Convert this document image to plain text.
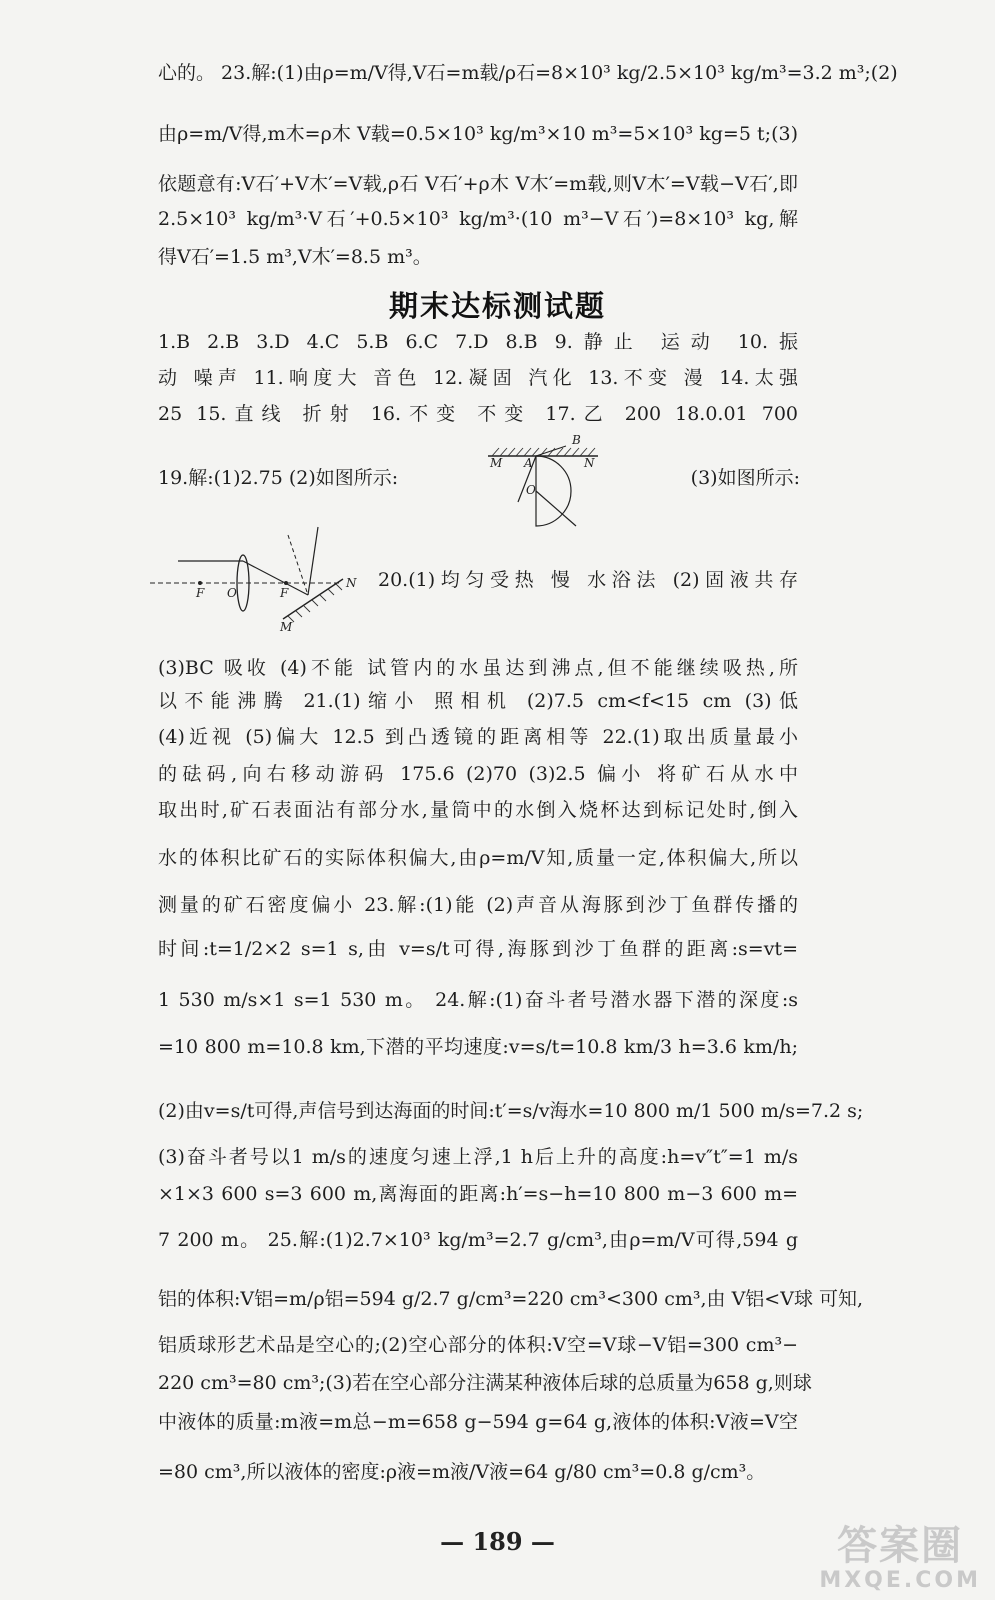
心的。 23.解:(1)由ρ=m/V得,V石=m载/ρ石=8×10³ kg/2.5×10³ kg/m³=3.2 m³;(2)
由ρ=m/V得,m木=ρ木 V载=0.5×10³ kg/m³×10 m³=5×10³ kg=5 t;(3)
依题意有:V石′+V木′=V载,ρ石 V石′+ρ木 V木′=m载,则V木′=V载−V石′,即
2.5×10³ kg/m³·V石′+0.5×10³ kg/m³·(10 m³−V石′)=8×10³ kg,解
得V石′=1.5 m³,V木′=8.5 m³。
期末达标测试题
1.B 2.B 3.D 4.C 5.B 6.C 7.D 8.B 9.静止 运动 10.振
动 噪声 11.响度大 音色 12.凝固 汽化 13.不变 漫 14.太强
25 15.直线 折射 16.不变 不变 17.乙 200 18.0.01 700
19.解:(1)2.75 (2)如图所示:	(3)如图所示:
B
M A	N
O
F O	F
N
M
20.(1)均匀受热 慢 水浴法 (2)固液共存
(3)BC 吸收 (4)不能 试管内的水虽达到沸点,但不能继续吸热,所
以不能沸腾 21.(1)缩小 照相机 (2)7.5 cm<f<15 cm (3)低
(4)近视 (5)偏大 12.5 到凸透镜的距离相等 22.(1)取出质量最小
的砝码,向右移动游码 175.6 (2)70 (3)2.5 偏小 将矿石从水中
取出时,矿石表面沾有部分水,量筒中的水倒入烧杯达到标记处时,倒入
水的体积比矿石的实际体积偏大,由ρ=m/V知,质量一定,体积偏大,所以
测量的矿石密度偏小 23.解:(1)能 (2)声音从海豚到沙丁鱼群传播的
时间:t=1/2×2 s=1 s,由 v=s/t可得,海豚到沙丁鱼群的距离:s=vt=
1 530 m/s×1 s=1 530 m。 24.解:(1)奋斗者号潜水器下潜的深度:s
=10 800 m=10.8 km,下潜的平均速度:v=s/t=10.8 km/3 h=3.6 km/h;
(2)由v=s/t可得,声信号到达海面的时间:t′=s/v海水=10 800 m/1 500 m/s=7.2 s;
(3)奋斗者号以1 m/s的速度匀速上浮,1 h后上升的高度:h=v″t″=1 m/s
×1×3 600 s=3 600 m,离海面的距离:h′=s−h=10 800 m−3 600 m=
7 200 m。 25.解:(1)2.7×10³ kg/m³=2.7 g/cm³,由ρ=m/V可得,594 g
铝的体积:V铝=m/ρ铝=594 g/2.7 g/cm³=220 cm³<300 cm³,由 V铝<V球 可知,
铝质球形艺术品是空心的;(2)空心部分的体积:V空=V球−V铝=300 cm³−
220 cm³=80 cm³;(3)若在空心部分注满某种液体后球的总质量为658 g,则球
中液体的质量:m液=m总−m=658 g−594 g=64 g,液体的体积:V液=V空
=80 cm³,所以液体的密度:ρ液=m液/V液=64 g/80 cm³=0.8 g/cm³。
— 189 —	答案圈
MXQE.COM
